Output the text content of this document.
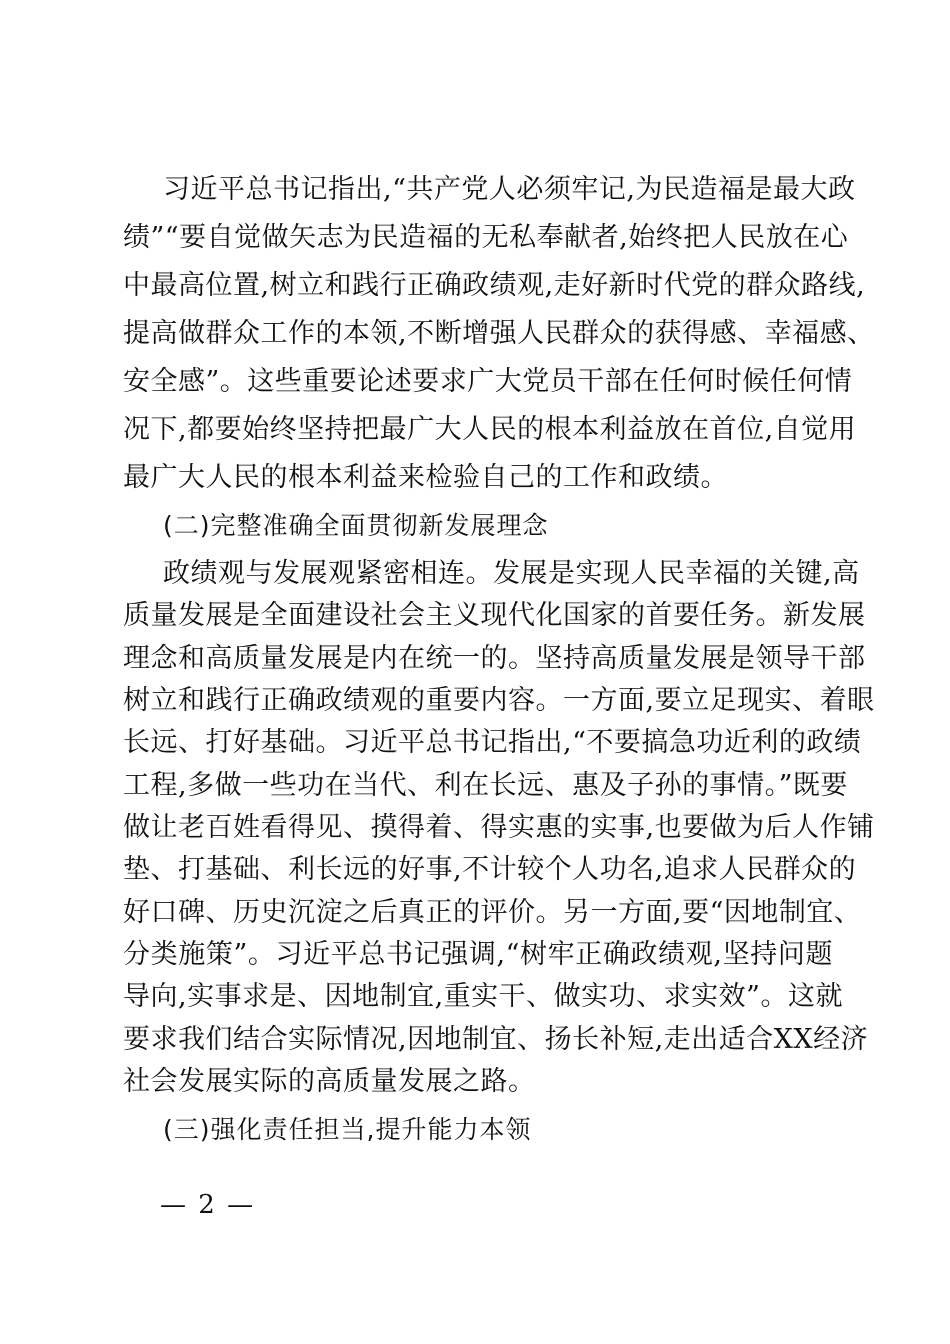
习近平总书记指出,“共产党人必须牢记,为民造福是最大政
绩”“要自觉做矢志为民造福的无私奉献者,始终把人民放在心
中最高位置,树立和践行正确政绩观,走好新时代党的群众路线,
提高做群众工作的本领,不断增强人民群众的获得感、幸福感、
安全感”。这些重要论述要求广大党员干部在任何时候任何情
况下,都要始终坚持把最广大人民的根本利益放在首位,自觉用
最广大人民的根本利益来检验自己的工作和政绩。
(二)完整准确全面贯彻新发展理念
政绩观与发展观紧密相连。发展是实现人民幸福的关键,高
质量发展是全面建设社会主义现代化国家的首要任务。新发展
理念和高质量发展是内在统一的。坚持高质量发展是领导干部
树立和践行正确政绩观的重要内容。一方面,要立足现实、着眼
长远、打好基础。习近平总书记指出,“不要搞急功近利的政绩
工程,多做一些功在当代、利在长远、惠及子孙的事情。”既要
做让老百姓看得见、摸得着、得实惠的实事,也要做为后人作铺
垫、打基础、利长远的好事,不计较个人功名,追求人民群众的
好口碑、历史沉淀之后真正的评价。另一方面,要“因地制宜、
分类施策”。习近平总书记强调,“树牢正确政绩观,坚持问题
导向,实事求是、因地制宜,重实干、做实功、求实效”。这就
要求我们结合实际情况,因地制宜、扬长补短,走出适合XX经济
社会发展实际的高质量发展之路。
— 2 —
(三)强化责任担当,提升能力本领
